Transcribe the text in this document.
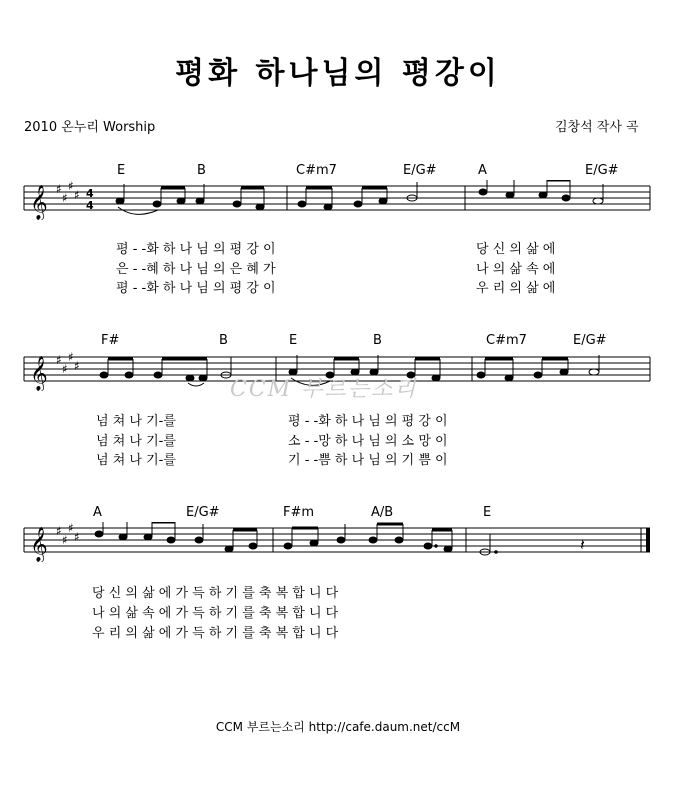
평화 하나님의 평강이
2010 온누리 Worship	김창석 작사 곡
E	B	C#m7	E/G#	A	E/G#
𝄞 ♯
♯
♯
♯ 4
4
평 - -화 하 나 님 의 평 강 이
은 - -혜 하 나 님 의 은 혜 가
평 - -화 하 나 님 의 평 강 이
당 신 의 삶 에
나 의 삶 속 에
우 리 의 삶 에
F#	B	E	B	C#m7	E/G#
𝄞 ♯
♯
♯
♯
CCM 부르는소리
넘 쳐 나 기-를
넘 쳐 나 기-를
넘 쳐 나 기-를
평 - -화 하 나 님 의 평 강 이
소 - -망 하 나 님 의 소 망 이
기 - -쁨 하 나 님 의 기 쁨 이
A	E/G#	F#m	A/B	E
𝄞 ♯
♯
♯
♯	𝄽
당 신 의 삶 에 가 득 하 기 를 축 복 합 니 다
나 의 삶 속 에 가 득 하 기 를 축 복 합 니 다
우 리 의 삶 에 가 득 하 기 를 축 복 합 니 다
CCM 부르는소리 http://cafe.daum.net/ccM
